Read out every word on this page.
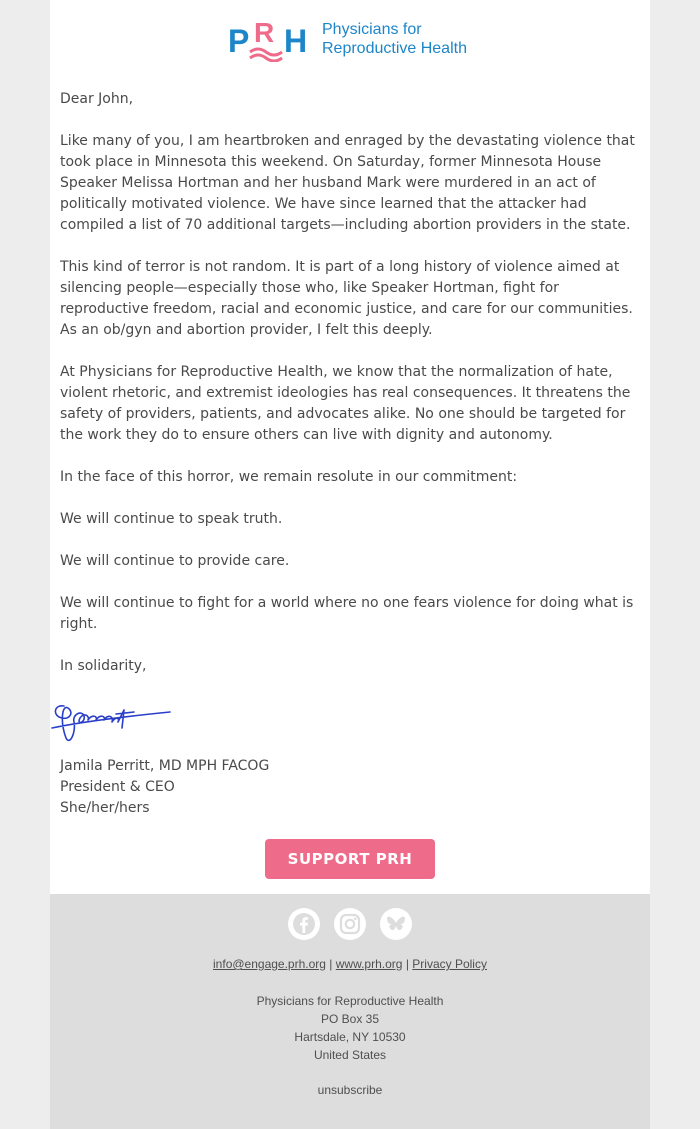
P R H Physicians for
Reproductive Health

Dear John,

Like many of you, I am heartbroken and enraged by the devastating violence that took place in Minnesota this weekend. On Saturday, former Minnesota House Speaker Melissa Hortman and her husband Mark were murdered in an act of politically motivated violence. We have since learned that the attacker had compiled a list of 70 additional targets—including abortion providers in the state.

This kind of terror is not random. It is part of a long history of violence aimed at silencing people—especially those who, like Speaker Hortman, fight for reproductive freedom, racial and economic justice, and care for our communities. As an ob/gyn and abortion provider, I felt this deeply.

At Physicians for Reproductive Health, we know that the normalization of hate, violent rhetoric, and extremist ideologies has real consequences. It threatens the safety of providers, patients, and advocates alike. No one should be targeted for the work they do to ensure others can live with dignity and autonomy.

In the face of this horror, we remain resolute in our commitment:

We will continue to speak truth.

We will continue to provide care.

We will continue to fight for a world where no one fears violence for doing what is right.

In solidarity,

Jamila Perritt, MD MPH FACOG
President & CEO
She/her/hers
SUPPORT PRH

info@engage.prh.org | www.prh.org | Privacy Policy
Physicians for Reproductive Health
PO Box 35
Hartsdale, NY 10530
United States
unsubscribe
